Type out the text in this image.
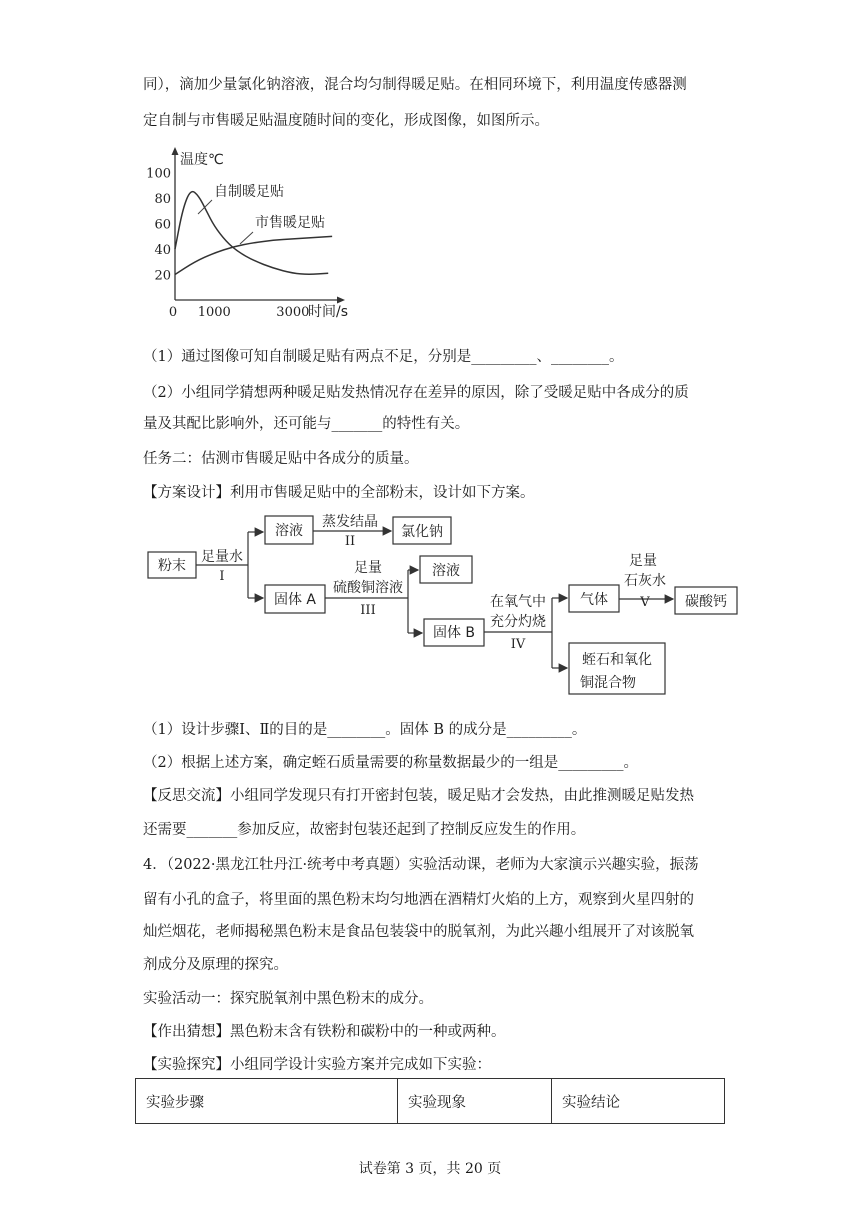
同），滴加少量氯化钠溶液，混合均匀制得暖足贴。在相同环境下，利用温度传感器测
定自制与市售暖足贴温度随时间的变化，形成图像，如图所示。
温度℃
时间/s
100
80
60
40
20
0 1000	3000
自制暖足贴
市售暖足贴
（1）通过图像可知自制暖足贴有两点不足，分别是_________、________。
（2）小组同学猜想两种暖足贴发热情况存在差异的原因，除了受暖足贴中各成分的质
量及其配比影响外，还可能与_______的特性有关。
任务二：估测市售暖足贴中各成分的质量。
【方案设计】利用市售暖足贴中的全部粉末，设计如下方案。
粉末
足量水
I
溶液
蒸发结晶
II
氯化钠
固体 A
足量
硫酸铜溶液
III
溶液
固体 B
在氧气中
充分灼烧
IV
气体
足量
石灰水
V	碳酸钙
蛭石和氧化
铜混合物
（1）设计步骤Ⅰ、Ⅱ的目的是________。固体 B 的成分是_________。
（2）根据上述方案，确定蛭石质量需要的称量数据最少的一组是_________。
【反思交流】小组同学发现只有打开密封包装，暖足贴才会发热，由此推测暖足贴发热
还需要_______参加反应，故密封包装还起到了控制反应发生的作用。
4．（2022·黑龙江牡丹江·统考中考真题）实验活动课，老师为大家演示兴趣实验，振荡
留有小孔的盒子，将里面的黑色粉末均匀地洒在酒精灯火焰的上方，观察到火星四射的
灿烂烟花，老师揭秘黑色粉末是食品包装袋中的脱氧剂，为此兴趣小组展开了对该脱氧
剂成分及原理的探究。
实验活动一：探究脱氧剂中黑色粉末的成分。
【作出猜想】黑色粉末含有铁粉和碳粉中的一种或两种。
【实验探究】小组同学设计实验方案并完成如下实验：
实验步骤	实验现象	实验结论
试卷第 3 页，共 20 页
